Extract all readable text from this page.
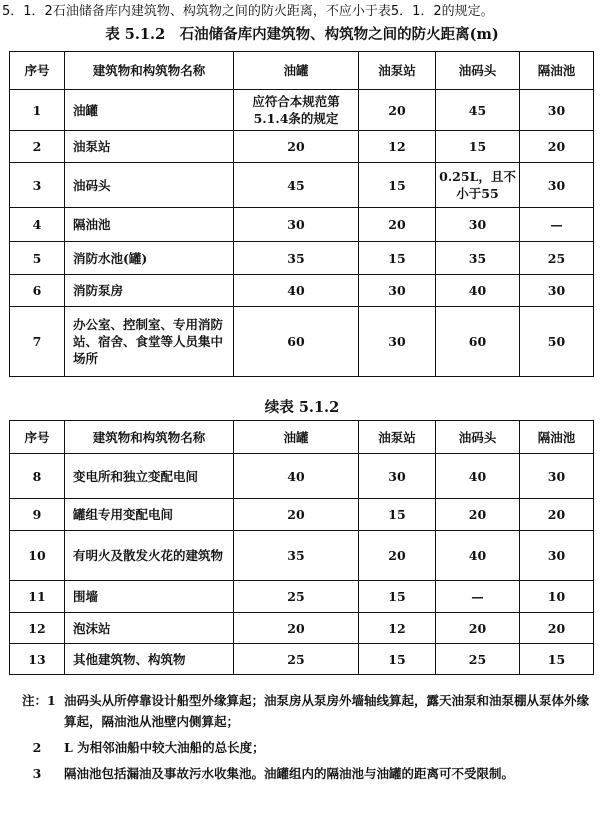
5．1．2石油储备库内建筑物、构筑物之间的防火距离，不应小于表5．1．2的规定。
表 5.1.2　石油储备库内建筑物、构筑物之间的防火距离(m)
序号	建筑物和构筑物名称	油罐	油泵站	油码头	隔油池
1	油罐	应符合本规范第5.1.4条的规定	20	45	30
2	油泵站	20	12	15	20
3	油码头	45	15	0.25L，且不小于55	30
4	隔油池	30	20	30	—
5	消防水池(罐)	35	15	35	25
6	消防泵房	40	30	40	30
7	办公室、控制室、专用消防站、宿舍、食堂等人员集中场所	60	30	60	50
续表 5.1.2
序号	建筑物和构筑物名称	油罐	油泵站	油码头	隔油池
8	变电所和独立变配电间	40	30	40	30
9	罐组专用变配电间	20	15	20	20
10	有明火及散发火花的建筑物	35	20	40	30
11	围墙	25	15	—	10
12	泡沫站	20	12	20	20
13	其他建筑物、构筑物	25	15	25	15

注：1 油码头从所停靠设计船型外缘算起；油泵房从泵房外墙轴线算起，露天油泵和油泵棚从泵体外缘算起，隔油池从池壁内侧算起；

2	L 为相邻油船中较大油船的总长度；

3	隔油池包括漏油及事故污水收集池。油罐组内的隔油池与油罐的距离可不受限制。
